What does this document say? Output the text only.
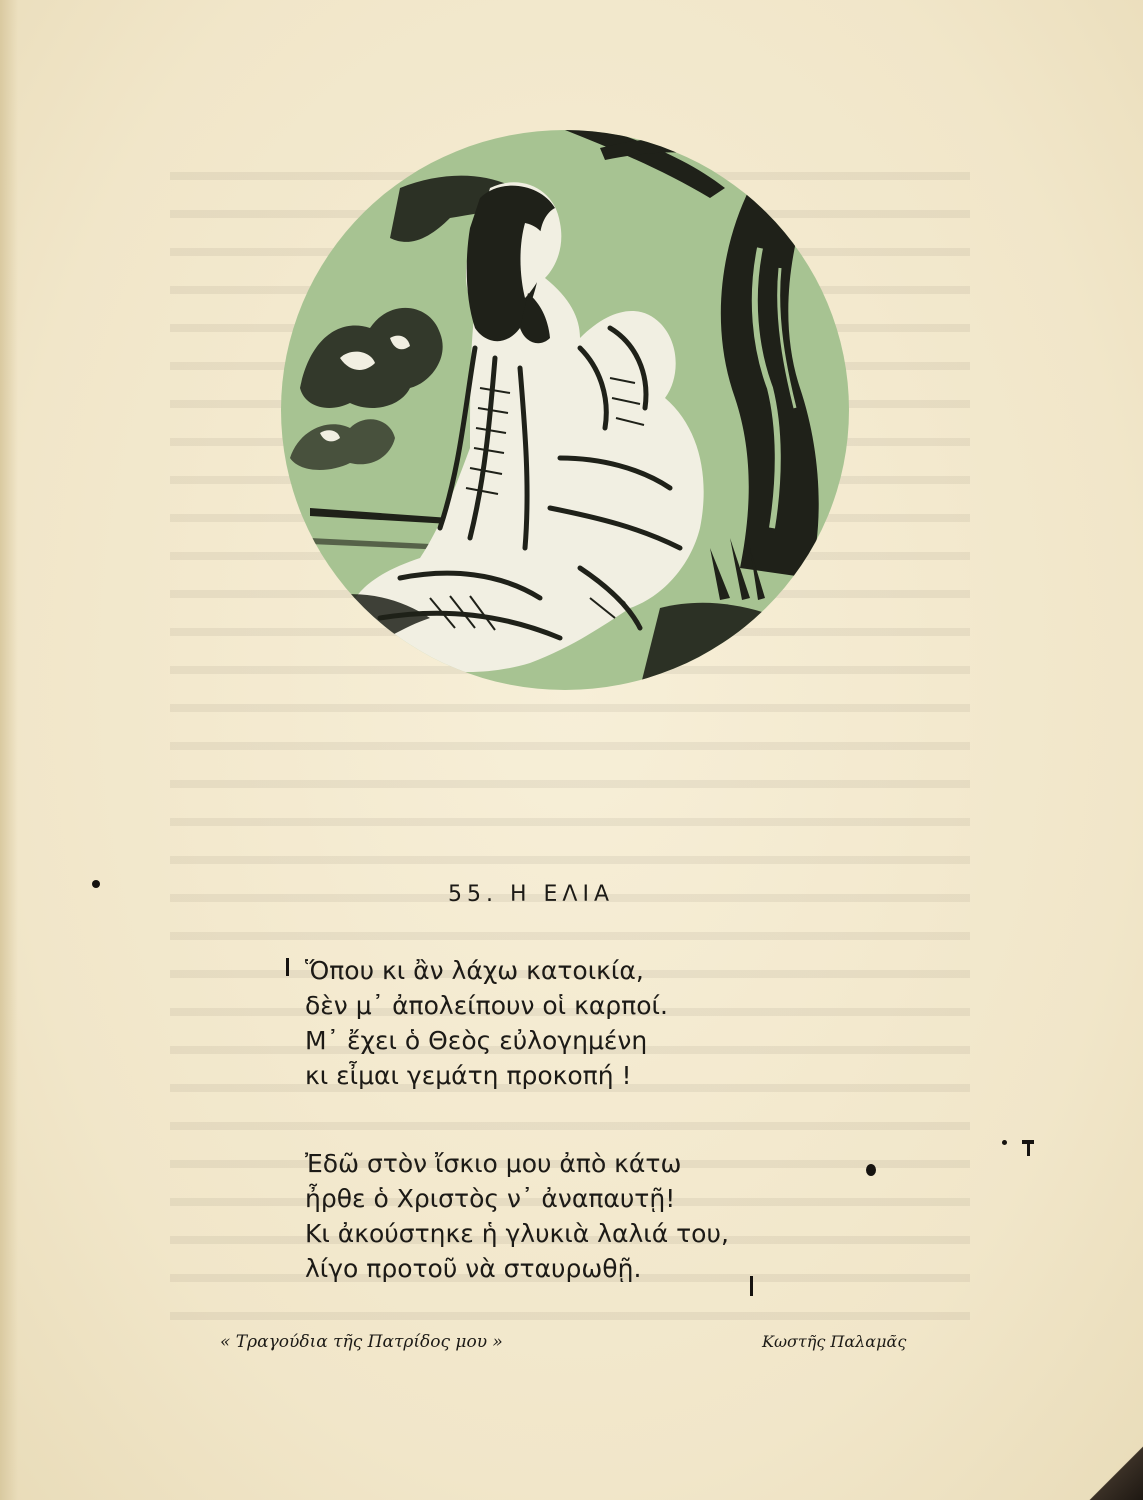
55. Η ΕΛΙΑ
Ὅπου κι ἂν λάχω κατοικία,
δὲν μ᾿ ἀπολείπουν οἱ καρποί.
Μ᾿ ἔχει ὁ Θεὸς εὐλογημένη
κι εἶμαι γεμάτη προκοπή !
Ἐδῶ στὸν ἴσκιο μου ἀπὸ κάτω
ἦρθε ὁ Χριστὸς ν᾿ ἀναπαυτῇ!
Κι ἀκούστηκε ἡ γλυκιὰ λαλιά του,
λίγο προτοῦ νὰ σταυρωθῇ.
« Τραγούδια τῆς Πατρίδος μου »	Κωστῆς Παλαμᾶς
